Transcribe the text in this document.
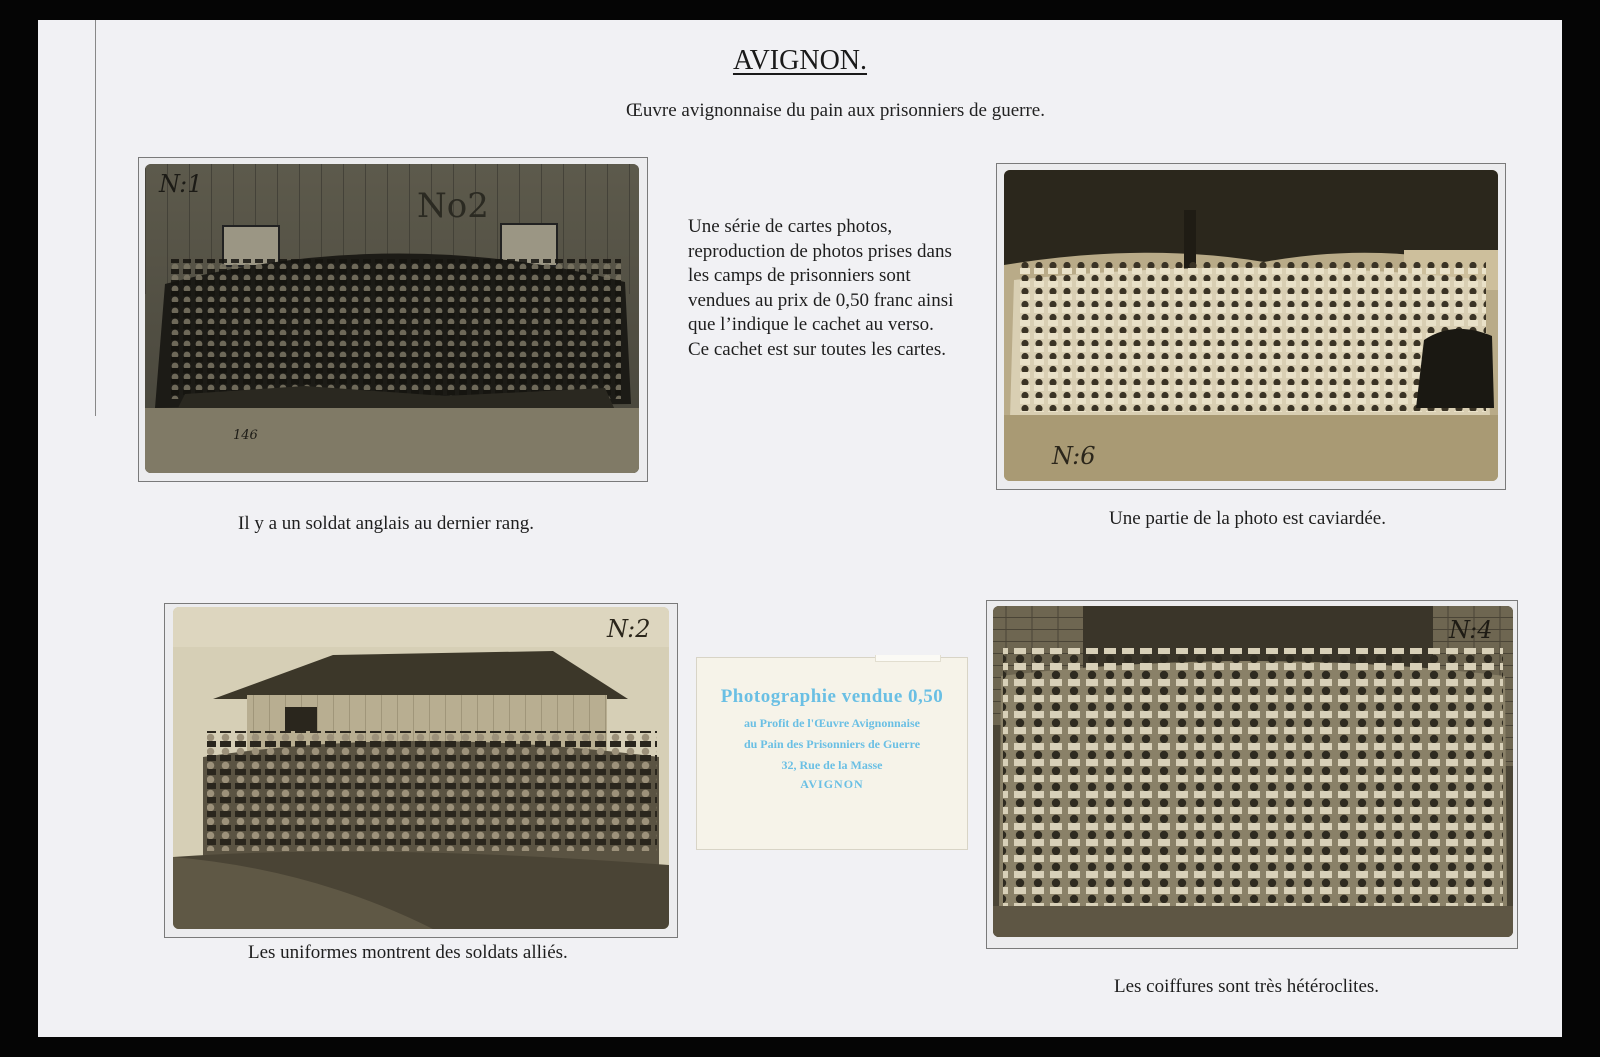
AVIGNON.
Œuvre avignonnaise du pain aux prisonniers de guerre.
N:1
No2
146
Il y a un soldat anglais au dernier rang.

Une série de cartes photos,
reproduction de photos prises dans
les camps de prisonniers sont
vendues au prix de 0,50 franc ainsi
que l’indique le cachet au verso.
Ce cachet est sur toutes les cartes.

N:6
Une partie de la photo est caviardée.
N:2
Les uniformes montrent des soldats alliés.
Photographie vendue 0,50
au Profit de l'Œuvre Avignonnaise
du Pain des Prisonniers de Guerre
32, Rue de la Masse
AVIGNON
N:4
Les coiffures sont très hétéroclites.
